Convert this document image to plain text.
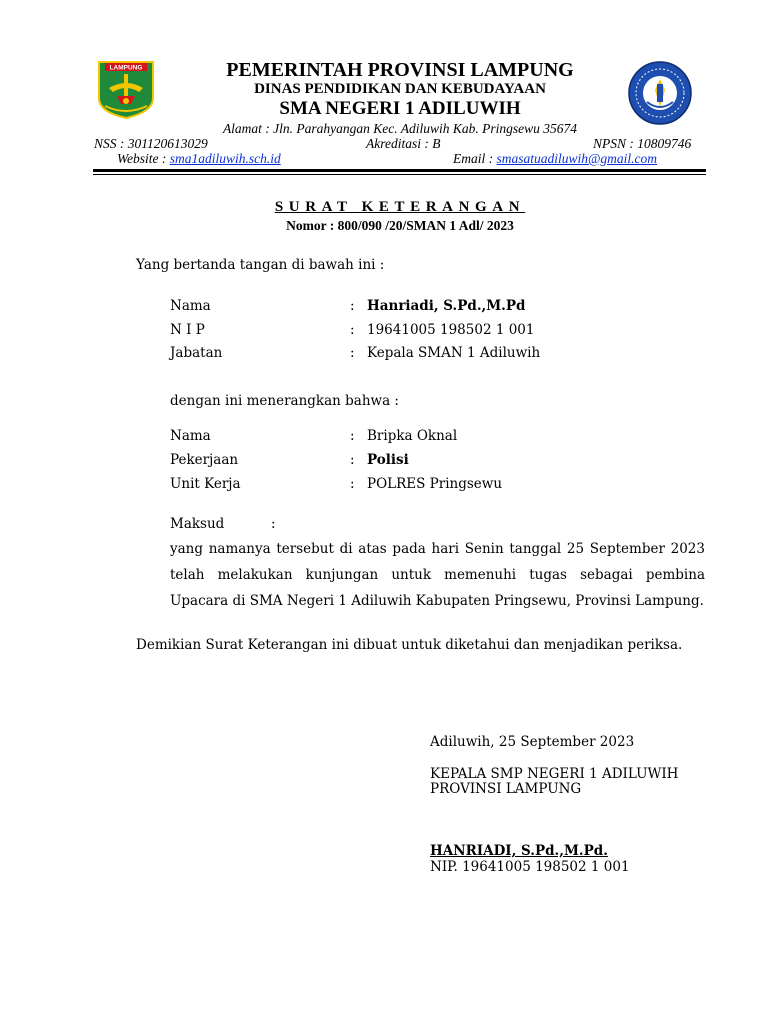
LAMPUNG	PEMERINTAH PROVINSI LAMPUNG
DINAS PENDIDIKAN DAN KEBUDAYAAN
SMA NEGERI 1 ADILUWIH
Alamat : Jln. Parahyangan Kec. Adiluwih Kab. Pringsewu 35674
NSS : 301120613029	Akreditasi : B	NPSN : 10809746
Website : sma1adiluwih.sch.id	Email : smasatuadiluwih@gmail.com
SURAT KETERANGAN
Nomor : 800/090 /20/SMAN 1 Adl/ 2023
Yang bertanda tangan di bawah ini :
Nama	: Hanriadi, S.Pd.,M.Pd
N I P	: 19641005 198502 1 001
Jabatan	: Kepala SMAN 1 Adiluwih
dengan ini menerangkan bahwa :
Nama	: Bripka Oknal
Pekerjaan	: Polisi
Unit Kerja	: POLRES Pringsewu
Maksud	:
yang namanya tersebut di atas pada hari Senin tanggal 25 September 2023 telah melakukan kunjungan untuk memenuhi tugas sebagai pembina Upacara di SMA Negeri 1 Adiluwih Kabupaten Pringsewu, Provinsi Lampung.
Demikian Surat Keterangan ini dibuat untuk diketahui dan menjadikan periksa.
Adiluwih, 25 September 2023
KEPALA SMP NEGERI 1 ADILUWIH
PROVINSI LAMPUNG
HANRIADI, S.Pd.,M.Pd.
NIP. 19641005 198502 1 001
